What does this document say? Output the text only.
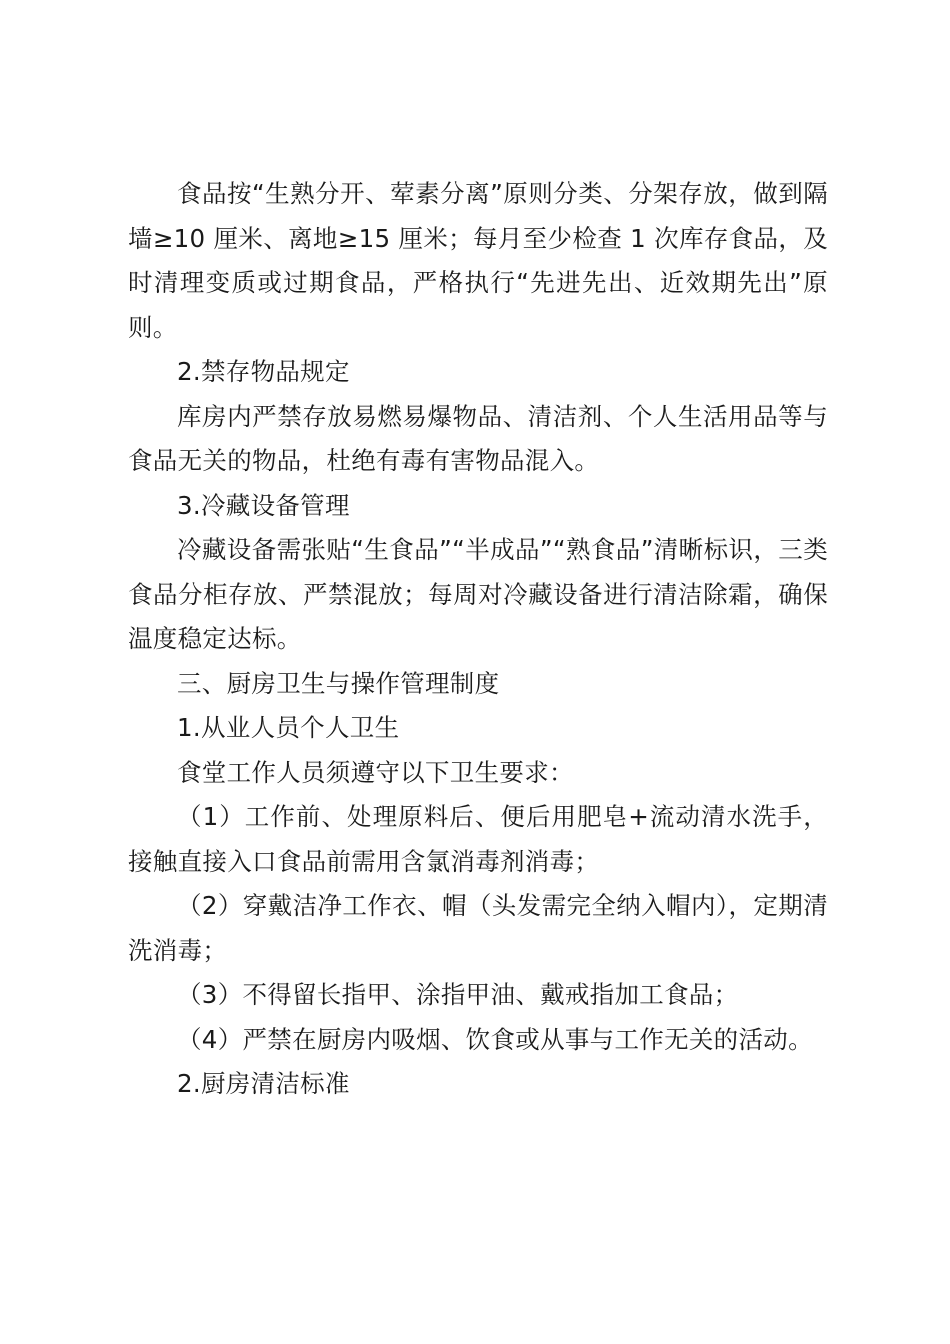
食品按“生熟分开、荤素分离”原则分类、分架存放，做到隔墙≥10 厘米、离地≥15 厘米；每月至少检查 1 次库存食品，及时清理变质或过期食品，严格执行“先进先出、近效期先出”原则。

2.禁存物品规定

库房内严禁存放易燃易爆物品、清洁剂、个人生活用品等与食品无关的物品，杜绝有毒有害物品混入。

3.冷藏设备管理

冷藏设备需张贴“生食品”“半成品”“熟食品”清晰标识，三类食品分柜存放、严禁混放；每周对冷藏设备进行清洁除霜，确保温度稳定达标。

三、厨房卫生与操作管理制度

1.从业人员个人卫生

食堂工作人员须遵守以下卫生要求：

（1）工作前、处理原料后、便后用肥皂+流动清水洗手，接触直接入口食品前需用含氯消毒剂消毒；

（2）穿戴洁净工作衣、帽（头发需完全纳入帽内），定期清洗消毒；

（3）不得留长指甲、涂指甲油、戴戒指加工食品；

（4）严禁在厨房内吸烟、饮食或从事与工作无关的活动。

2.厨房清洁标准
